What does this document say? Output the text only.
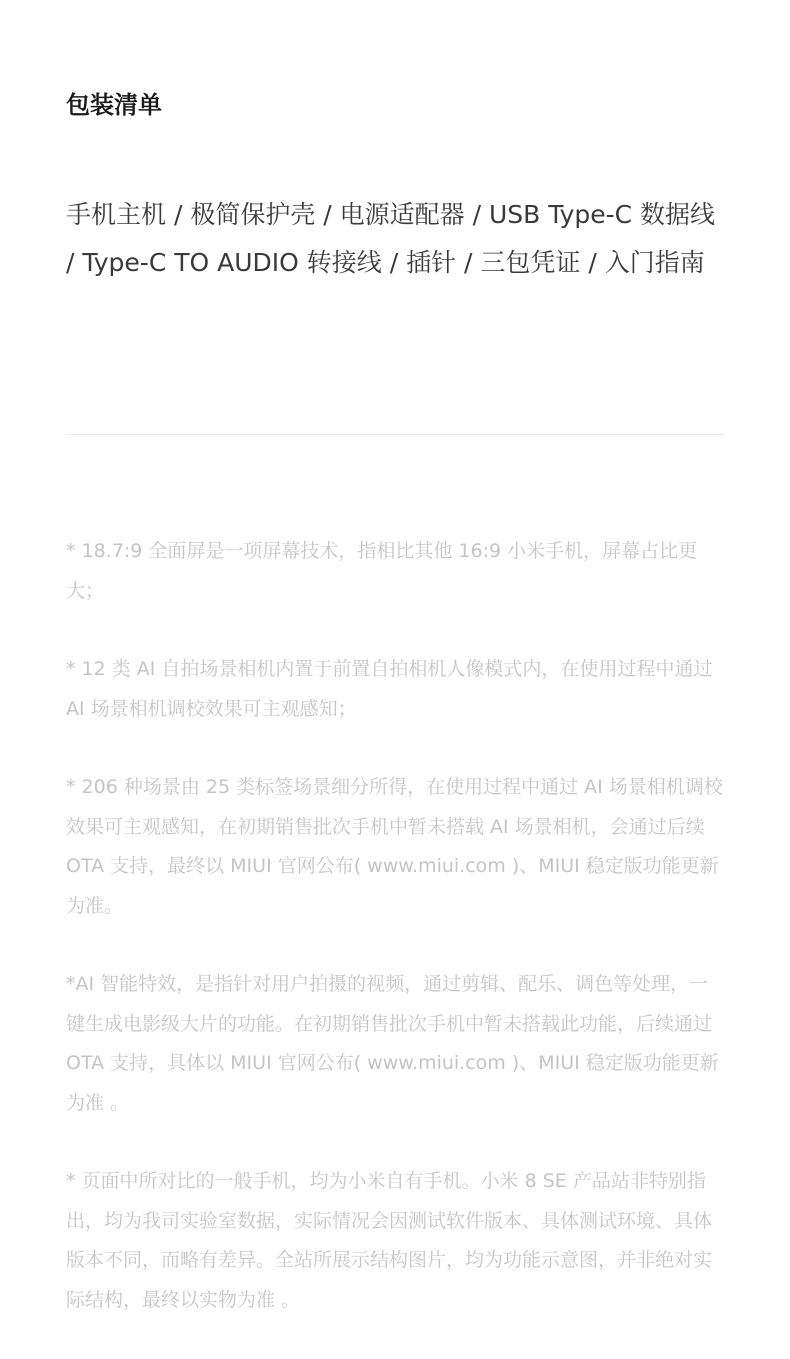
包装清单

手机主机 / 极简保护壳 / 电源适配器 / USB Type-C 数据线 / Type-C TO AUDIO 转接线 / 插针 / 三包凭证 / 入门指南

* 18.7:9 全面屏是一项屏幕技术，指相比其他 16:9 小米手机，屏幕占比更大；

* 12 类 AI 自拍场景相机内置于前置自拍相机人像模式内，在使用过程中通过 AI 场景相机调校效果可主观感知；

* 206 种场景由 25 类标签场景细分所得，在使用过程中通过 AI 场景相机调校效果可主观感知，在初期销售批次手机中暂未搭载 AI 场景相机，会通过后续 OTA 支持，最终以 MIUI 官网公布( www.miui.com )、MIUI 稳定版功能更新为准。

*AI 智能特效，是指针对用户拍摄的视频，通过剪辑、配乐、调色等处理，一键生成电影级大片的功能。在初期销售批次手机中暂未搭载此功能，后续通过 OTA 支持，具体以 MIUI 官网公布( www.miui.com )、MIUI 稳定版功能更新为准 。

* 页面中所对比的一般手机，均为小米自有手机。小米 8 SE 产品站非特别指出，均为我司实验室数据，实际情况会因测试软件版本、具体测试环境、具体版本不同，而略有差异。全站所展示结构图片，均为功能示意图，并非绝对实际结构，最终以实物为准 。
